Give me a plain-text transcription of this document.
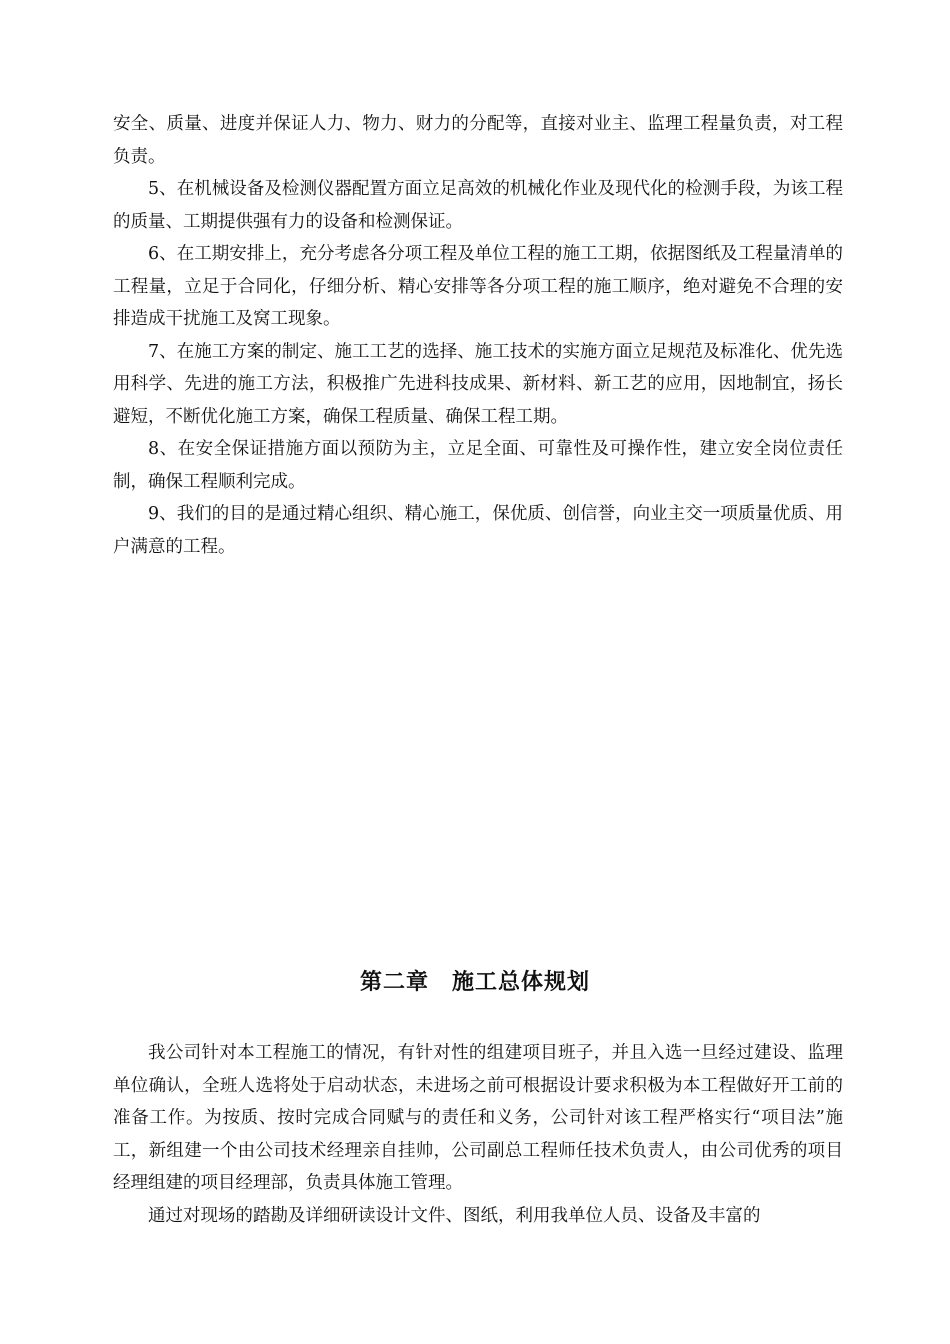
安全、质量、进度并保证人力、物力、财力的分配等，直接对业主、监理工程量负责，对工程负责。

5、在机械设备及检测仪器配置方面立足高效的机械化作业及现代化的检测手段，为该工程的质量、工期提供强有力的设备和检测保证。

6、在工期安排上，充分考虑各分项工程及单位工程的施工工期，依据图纸及工程量清单的工程量，立足于合同化，仔细分析、精心安排等各分项工程的施工顺序，绝对避免不合理的安排造成干扰施工及窝工现象。

7、在施工方案的制定、施工工艺的选择、施工技术的实施方面立足规范及标准化、优先选用科学、先进的施工方法，积极推广先进科技成果、新材料、新工艺的应用，因地制宜，扬长避短，不断优化施工方案，确保工程质量、确保工程工期。

8、在安全保证措施方面以预防为主，立足全面、可靠性及可操作性，建立安全岗位责任制，确保工程顺利完成。

9、我们的目的是通过精心组织、精心施工，保优质、创信誉，向业主交一项质量优质、用户满意的工程。

第二章　施工总体规划

我公司针对本工程施工的情况，有针对性的组建项目班子，并且入选一旦经过建设、监理单位确认，全班人选将处于启动状态，未进场之前可根据设计要求积极为本工程做好开工前的准备工作。为按质、按时完成合同赋与的责任和义务，公司针对该工程严格实行“项目法”施工，新组建一个由公司技术经理亲自挂帅，公司副总工程师任技术负责人，由公司优秀的项目经理组建的项目经理部，负责具体施工管理。

通过对现场的踏勘及详细研读设计文件、图纸，利用我单位人员、设备及丰富的
